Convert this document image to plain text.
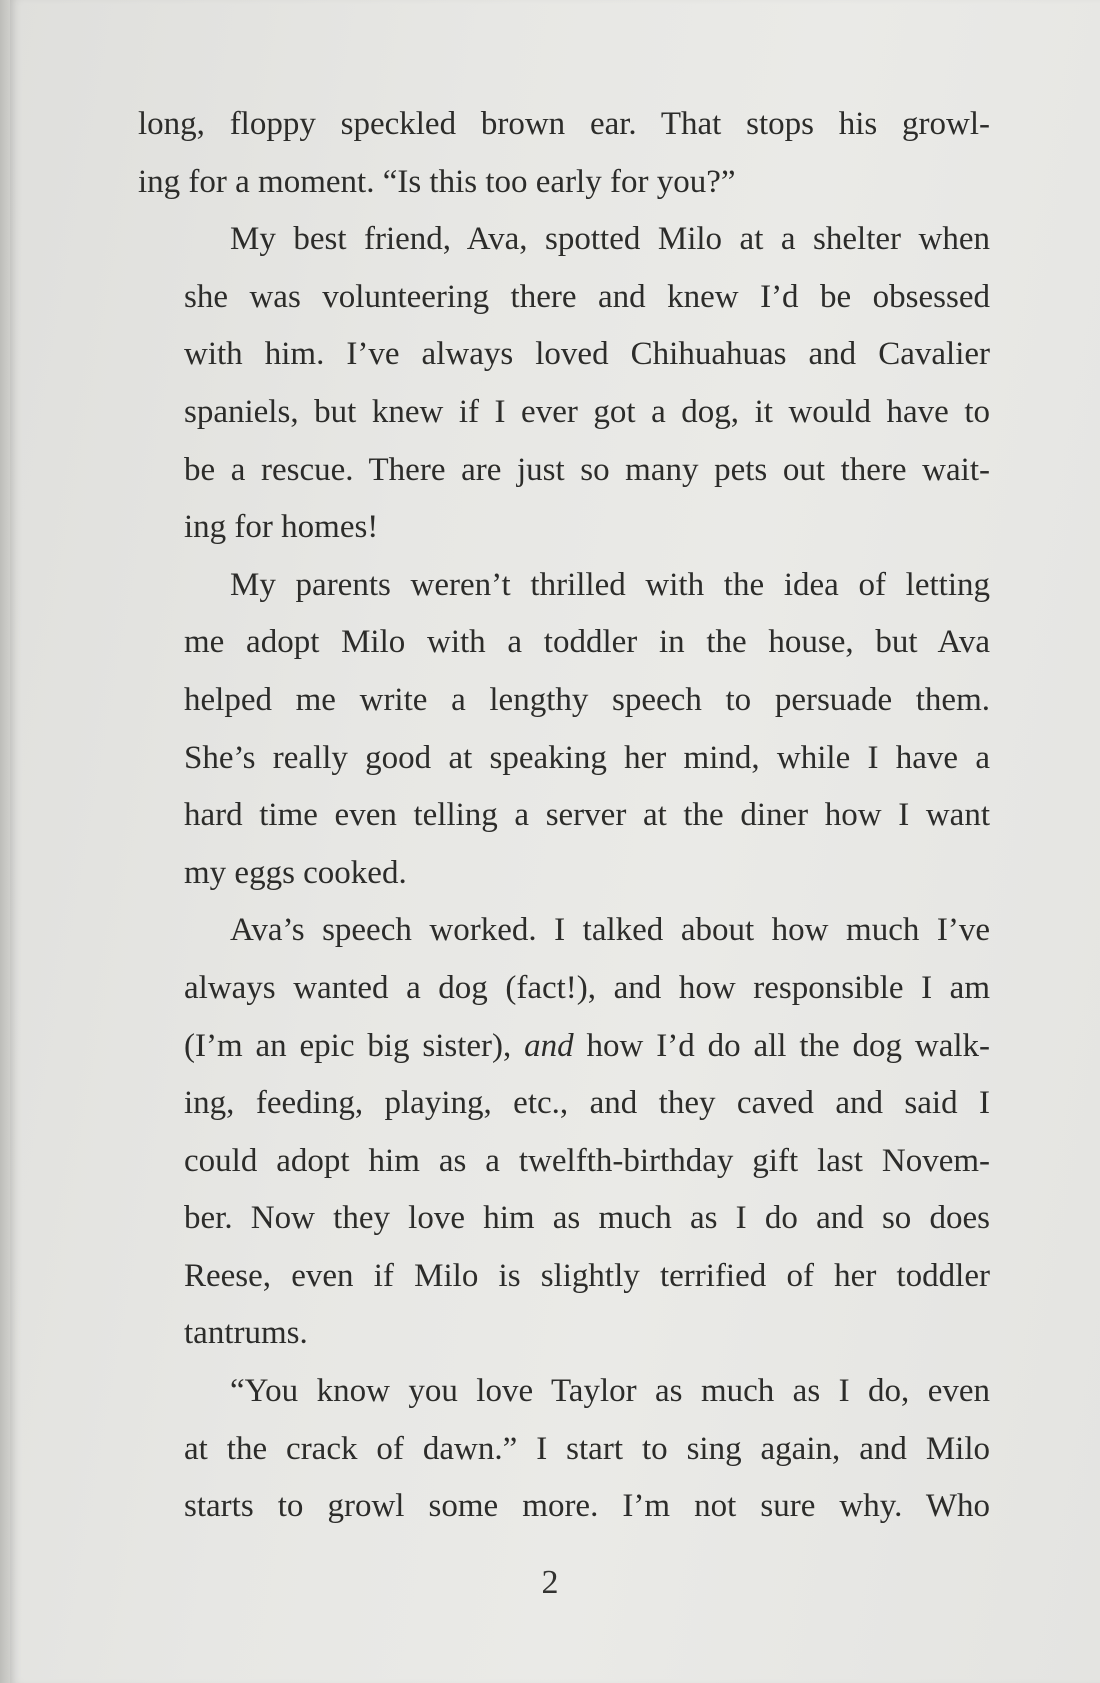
long, floppy speckled brown ear. That stops his growl-
ing for a moment. “Is this too early for you?”

My best friend, Ava, spotted Milo at a shelter when
she was volunteering there and knew I’d be obsessed
with him. I’ve always loved Chihuahuas and Cavalier
spaniels, but knew if I ever got a dog, it would have to
be a rescue. There are just so many pets out there wait-
ing for homes!

My parents weren’t thrilled with the idea of letting
me adopt Milo with a toddler in the house, but Ava
helped me write a lengthy speech to persuade them.
She’s really good at speaking her mind, while I have a
hard time even telling a server at the diner how I want
my eggs cooked.

Ava’s speech worked. I talked about how much I’ve
always wanted a dog (fact!), and how responsible I am
(I’m an epic big sister), and how I’d do all the dog walk-
ing, feeding, playing, etc., and they caved and said I
could adopt him as a twelfth-birthday gift last Novem-
ber. Now they love him as much as I do and so does
Reese, even if Milo is slightly terrified of her toddler
tantrums.

“You know you love Taylor as much as I do, even
at the crack of dawn.” I start to sing again, and Milo
starts to growl some more. I’m not sure why. Who

2
